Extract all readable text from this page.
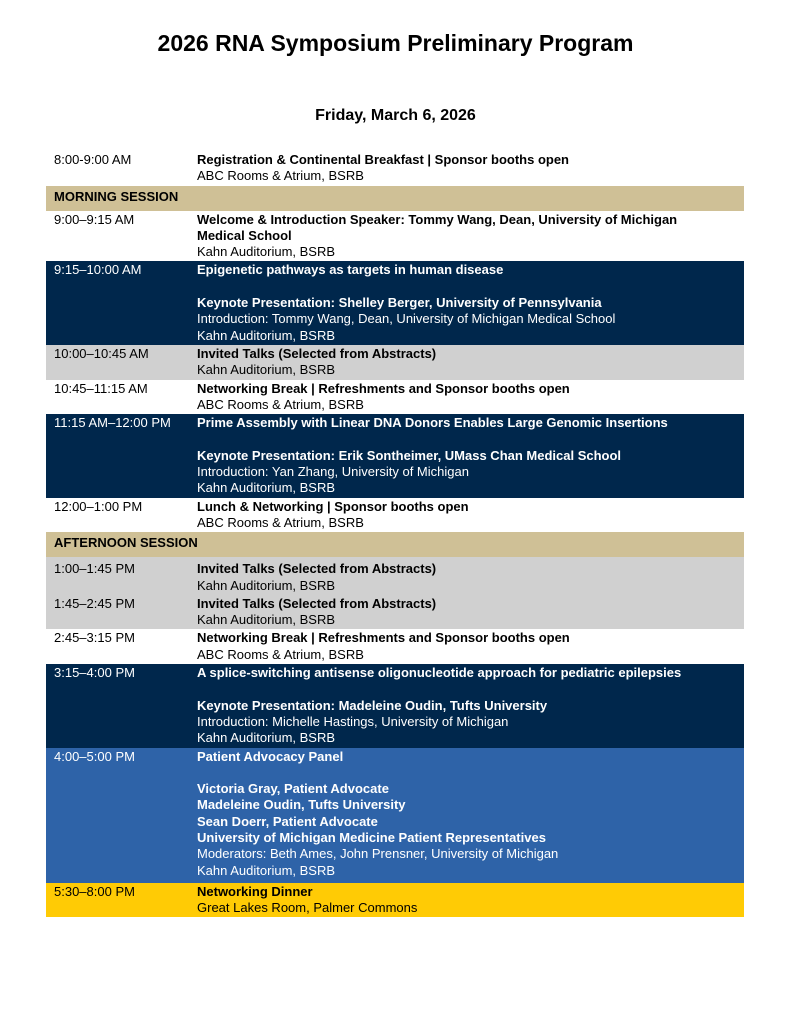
2026 RNA Symposium Preliminary Program
Friday, March 6, 2026
8:00-9:00 AM	Registration & Continental Breakfast | Sponsor booths open
ABC Rooms & Atrium, BSRB
MORNING SESSION
9:00–9:15 AM	Welcome & Introduction Speaker: Tommy Wang, Dean, University of Michigan
Medical School
Kahn Auditorium, BSRB
9:15–10:00 AM	Epigenetic pathways as targets in human disease
Keynote Presentation: Shelley Berger, University of Pennsylvania
Introduction: Tommy Wang, Dean, University of Michigan Medical School
Kahn Auditorium, BSRB
10:00–10:45 AM	Invited Talks (Selected from Abstracts)
Kahn Auditorium, BSRB
10:45–11:15 AM	Networking Break | Refreshments and Sponsor booths open
ABC Rooms & Atrium, BSRB
11:15 AM–12:00 PM	Prime Assembly with Linear DNA Donors Enables Large Genomic Insertions
Keynote Presentation: Erik Sontheimer, UMass Chan Medical School
Introduction: Yan Zhang, University of Michigan
Kahn Auditorium, BSRB
12:00–1:00 PM	Lunch & Networking | Sponsor booths open
ABC Rooms & Atrium, BSRB
AFTERNOON SESSION
1:00–1:45 PM	Invited Talks (Selected from Abstracts)
Kahn Auditorium, BSRB
1:45–2:45 PM	Invited Talks (Selected from Abstracts)
Kahn Auditorium, BSRB
2:45–3:15 PM	Networking Break | Refreshments and Sponsor booths open
ABC Rooms & Atrium, BSRB
3:15–4:00 PM	A splice-switching antisense oligonucleotide approach for pediatric epilepsies
Keynote Presentation: Madeleine Oudin, Tufts University
Introduction: Michelle Hastings, University of Michigan
Kahn Auditorium, BSRB
4:00–5:00 PM	Patient Advocacy Panel
Victoria Gray, Patient Advocate
Madeleine Oudin, Tufts University
Sean Doerr, Patient Advocate
University of Michigan Medicine Patient Representatives
Moderators: Beth Ames, John Prensner, University of Michigan
Kahn Auditorium, BSRB
5:30–8:00 PM	Networking Dinner
Great Lakes Room, Palmer Commons
